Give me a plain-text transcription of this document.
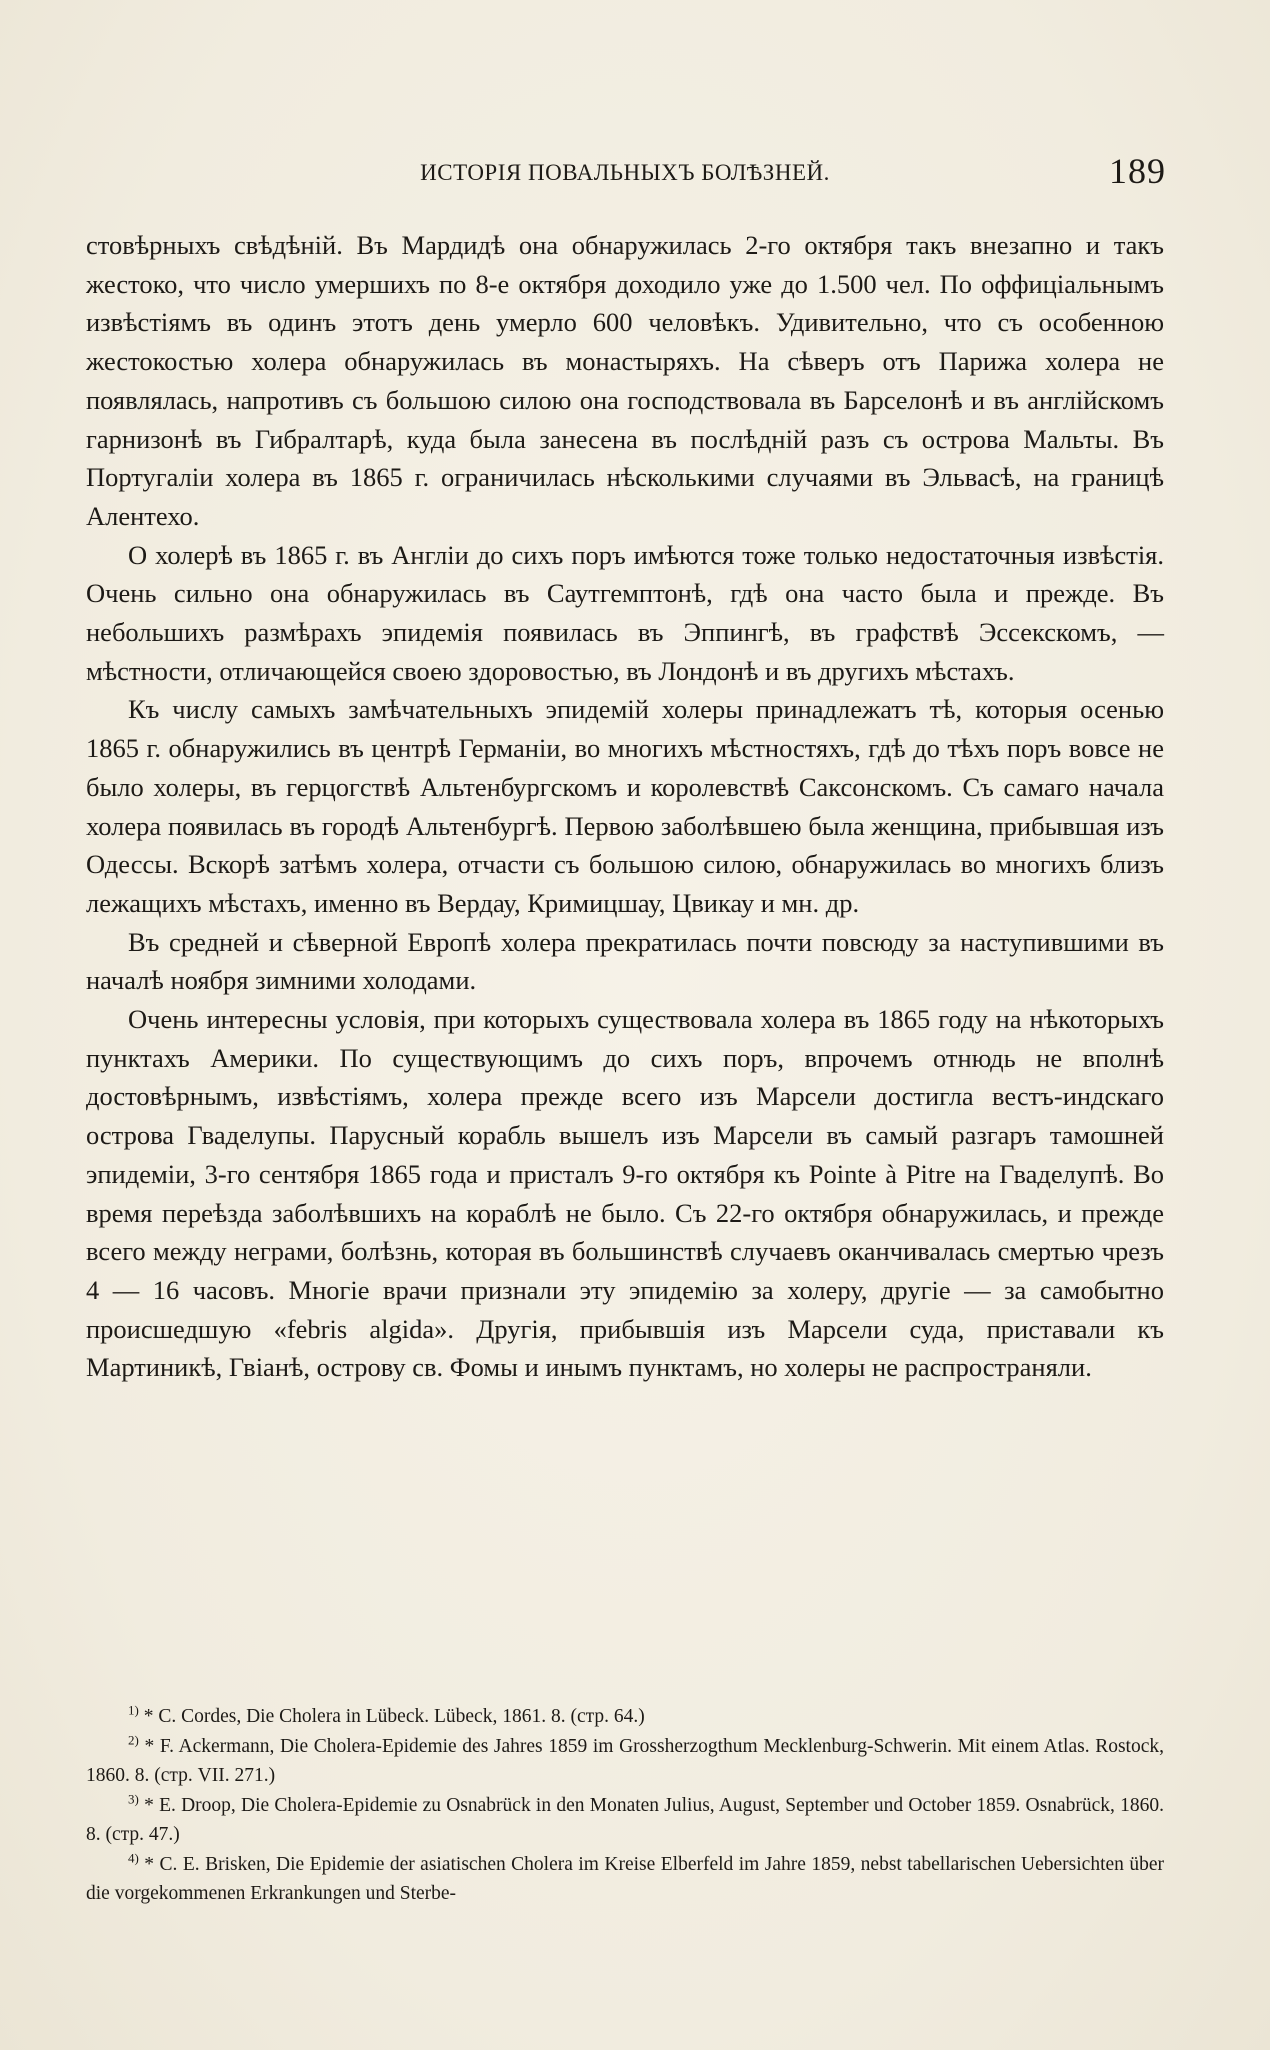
ИСТОРІЯ ПОВАЛЬНЫХЪ БОЛѢЗНЕЙ.	189

стовѣрныхъ свѣдѣній. Въ Мардидѣ она обнаружилась 2-го октября такъ внезапно и такъ жестоко, что число умершихъ по 8-е октября доходило уже до 1.500 чел. По оффиціальнымъ извѣстіямъ въ одинъ этотъ день умерло 600 человѣкъ. Удивительно, что съ особенною жестокостью холера обнаружилась въ монастыряхъ. На сѣверъ отъ Парижа холера не появлялась, напротивъ съ большою силою она господствовала въ Барселонѣ и въ англійскомъ гарнизонѣ въ Гибралтарѣ, куда была занесена въ послѣдній разъ съ острова Мальты. Въ Португаліи холера въ 1865 г. ограничилась нѣсколькими случаями въ Эльвасѣ, на границѣ Алентехо.

О холерѣ въ 1865 г. въ Англіи до сихъ поръ имѣются тоже только недостаточныя извѣстія. Очень сильно она обнаружилась въ Саутгемптонѣ, гдѣ она часто была и прежде. Въ небольшихъ размѣрахъ эпидемія появилась въ Эппингѣ, въ графствѣ Эссекскомъ, — мѣстности, отличающейся своею здоровостью, въ Лондонѣ и въ другихъ мѣстахъ.

Къ числу самыхъ замѣчательныхъ эпидемій холеры принадлежатъ тѣ, которыя осенью 1865 г. обнаружились въ центрѣ Германіи, во многихъ мѣстностяхъ, гдѣ до тѣхъ поръ вовсе не было холеры, въ герцогствѣ Альтенбургскомъ и королевствѣ Саксонскомъ. Съ самаго начала холера появилась въ городѣ Альтенбургѣ. Первою заболѣвшею была женщина, прибывшая изъ Одессы. Вскорѣ затѣмъ холера, отчасти съ большою силою, обнаружилась во многихъ близъ лежащихъ мѣстахъ, именно въ Вердау, Кримицшау, Цвикау и мн. др.

Въ средней и сѣверной Европѣ холера прекратилась почти повсюду за наступившими въ началѣ ноября зимними холодами.

Очень интересны условія, при которыхъ существовала холера въ 1865 году на нѣкоторыхъ пунктахъ Америки. По существующимъ до сихъ поръ, впрочемъ отнюдь не вполнѣ достовѣрнымъ, извѣстіямъ, холера прежде всего изъ Марсели достигла вестъ-индскаго острова Гваделупы. Парусный корабль вышелъ изъ Марсели въ самый разгаръ тамошней эпидеміи, 3-го сентября 1865 года и присталъ 9-го октября къ Pointe à Pitre на Гваделупѣ. Во время переѣзда заболѣвшихъ на кораблѣ не было. Съ 22-го октября обнаружилась, и прежде всего между неграми, болѣзнь, которая въ большинствѣ случаевъ оканчивалась смертью чрезъ 4 — 16 часовъ. Многіе врачи признали эту эпидемію за холеру, другіе — за самобытно происшедшую «febris algida». Другія, прибывшія изъ Марсели суда, приставали къ Мартиникѣ, Гвіанѣ, острову св. Фомы и инымъ пунктамъ, но холеры не распространяли.

$^{1)}$ * C. Cordes, Die Cholera in Lübeck. Lübeck, 1861. 8. (стр. 64.)

$^{2)}$ * F. Ackermann, Die Cholera-Epidemie des Jahres 1859 im Grossherzogthum Mecklenburg-Schwerin. Mit einem Atlas. Rostock, 1860. 8. (стр. VII. 271.)

$^{3)}$ * E. Droop, Die Cholera-Epidemie zu Osnabrück in den Monaten Julius, August, September und October 1859. Osnabrück, 1860. 8. (стр. 47.)

$^{4)}$ * C. E. Brisken, Die Epidemie der asiatischen Cholera im Kreise Elberfeld im Jahre 1859, nebst tabellarischen Uebersichten über die vorgekommenen Erkrankungen und Sterbe-
